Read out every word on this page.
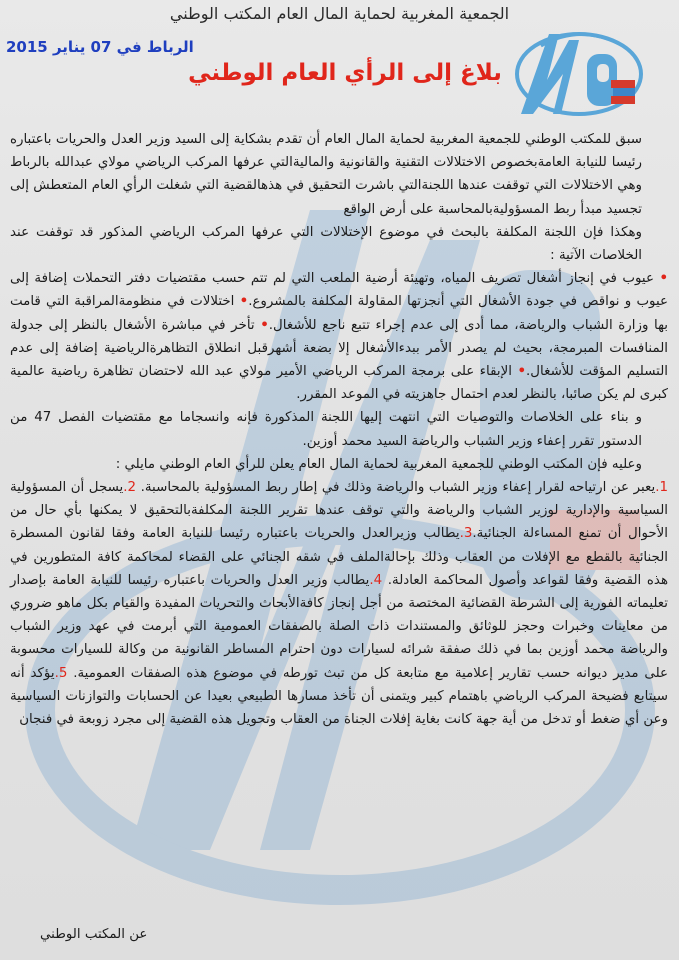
الجمعية المغربية لحماية المال العام المكتب الوطني
الرباط في 07 يناير 2015
بلاغ إلى الرأي العام الوطني

سبق للمكتب الوطني للجمعية المغربية لحماية المال العام أن تقدم بشكاية إلى السيد وزير العدل والحريات باعتباره رئيسا للنيابة العامةبخصوص الاختلالات التقنية والقانونية والماليةالتي عرفها المركب الرياضي مولاي عبدالله بالرباط وهي الاختلالات التي توقفت عندها اللجنةالتي باشرت التحقيق في هذهالقضية التي شغلت الرأي العام المتعطش إلى تجسيد مبدأ ربط المسؤوليةبالمحاسبة على أرض الواقع

وهكذا فإن اللجنة المكلفة بالبحث في موضوع الإختلالات التي عرفها المركب الرياضي المذكور قد توقفت عند الخلاصات الآتية :

• عيوب في إنجاز أشغال تصريف المياه، وتهيئة أرضية الملعب التي لم تتم حسب مقتضيات دفتر التحملات إضافة إلى عيوب و نواقص في جودة الأشغال التي أنجزتها المقاولة المكلفة بالمشروع.• اختلالات في منظومةالمراقبة التي قامت بها وزارة الشباب والرياضة، مما أدى إلى عدم إجراء تتبع ناجع للأشغال.• تأخر في مباشرة الأشغال بالنظر إلى جدولة المنافسات المبرمجة، بحيث لم يصدر الأمر ببدءالأشغال إلا بضعة أشهرقبل انطلاق التظاهرةالرياضية إضافة إلى عدم التسليم المؤقت للأشغال.• الإبقاء على برمجة المركب الرياضي الأمير مولاي عبد الله لاحتضان تظاهرة رياضية عالمية كبرى لم يكن صائبا، بالنظر لعدم احتمال جاهزيته في الموعد المقرر.

و بناء على الخلاصات والتوصيات التي انتهت إليها اللجنة المذكورة فإنه وانسجاما مع مقتضيات الفصل 47 من الدستور تقرر إعفاء وزير الشباب والرياضة السيد محمد أوزين.

وعليه فإن المكتب الوطني للجمعية المغربية لحماية المال العام يعلن للرأي العام الوطني مايلي :

1.يعبر عن ارتياحه لقرار إعفاء وزير الشباب والرياضة وذلك في إطار ربط المسؤولية بالمحاسبة. 2.يسجل أن المسؤولية السياسية والإدارية لوزير الشباب والرياضة والتي توقف عندها تقرير اللجنة المكلفةبالتحقيق لا يمكنها بأي حال من الأحوال أن تمنع المساءلة الجنائية.3.يطالب وزيرالعدل والحريات باعتباره رئيسا للنيابة العامة وفقا لقانون المسطرة الجنائية بالقطع مع الإفلات من العقاب وذلك بإحالةالملف في شقه الجنائي على القضاء لمحاكمة كافة المتطورين في هذه القضية وفقا لقواعد وأصول المحاكمة العادلة. 4.يطالب وزير العدل والحريات باعتباره رئيسا للنيابة العامة بإصدار تعليماته الفورية إلى الشرطة القضائية المختصة من أجل إنجاز كافةالأبحاث والتحريات المفيدة والقيام بكل ماهو ضروري من معاينات وخبرات وحجز للوثائق والمستندات ذات الصلة بالصفقات العمومية التي أبرمت في عهد وزير الشباب والرياضة محمد أوزين بما في ذلك صفقة شرائه لسيارات دون احترام المساطر القانونية من وكالة للسيارات محسوبة على مدير ديوانه حسب تقارير إعلامية مع متابعة كل من تبث تورطه في موضوع هذه الصفقات العمومية. 5.يؤكد أنه سيتابع فضيحة المركب الرياضي باهتمام كبير ويتمنى أن تأخذ مسارها الطبيعي بعيدا عن الحسابات والتوازنات السياسية وعن أي ضغط أو تدخل من أية جهة كانت بغاية إفلات الجناة من العقاب وتحويل هذه القضية إلى مجرد زوبعة في فنجان

عن المكتب الوطني
